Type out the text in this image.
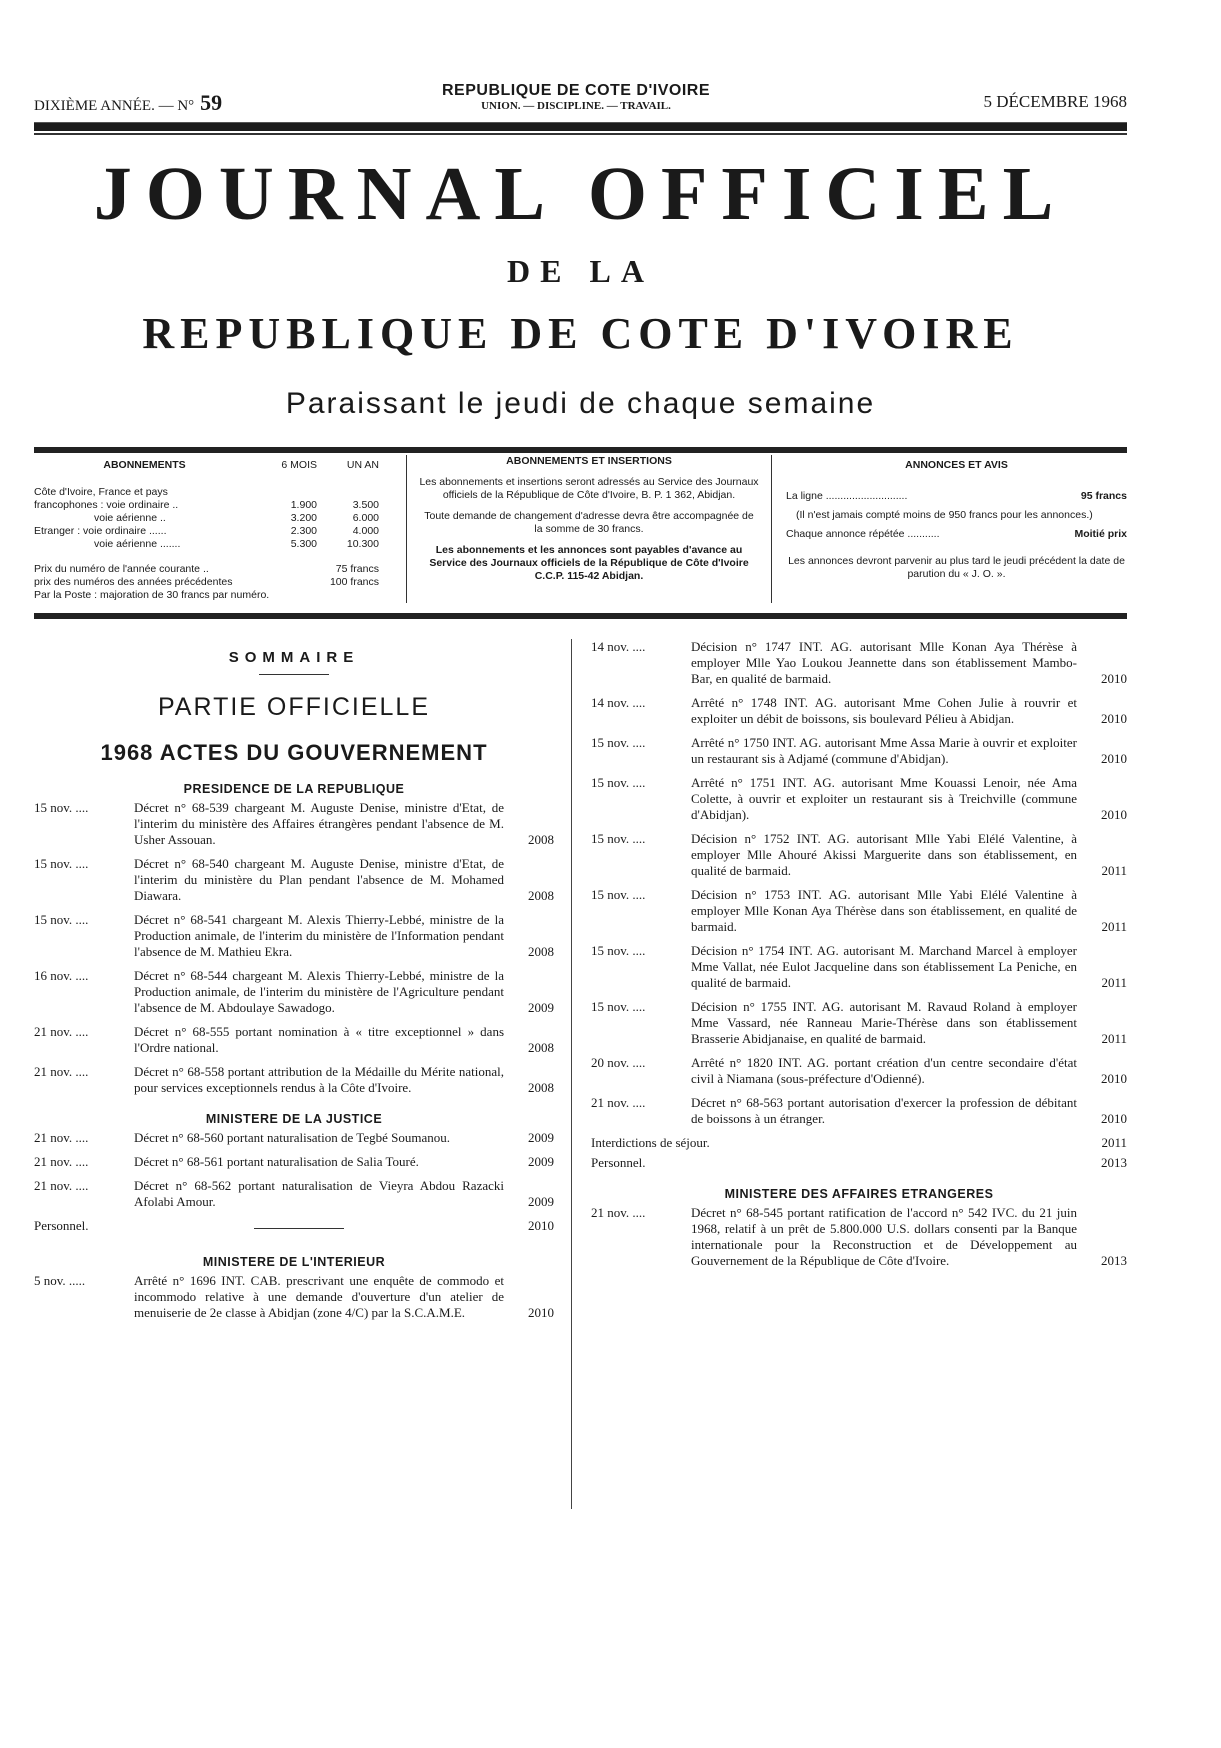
DIXIÈME ANNÉE. — N° 59	REPUBLIQUE DE COTE D'IVOIRE
UNION. — DISCIPLINE. — TRAVAIL.	5 DÉCEMBRE 1968
JOURNAL OFFICIEL
DE LA
REPUBLIQUE DE COTE D'IVOIRE
Paraissant le jeudi de chaque semaine
ABONNEMENTS	6 MOIS	UN AN

Côte d'Ivoire, France et pays		
francophones : voie ordinaire ..	1.900	3.500
voie aérienne ..	3.200	6.000
Etranger : voie ordinaire ......	2.300	4.000
voie aérienne .......	5.300	10.300
Prix du numéro de l'année courante ..	75 francs
prix des numéros des années précédentes	100 francs
Par la Poste : majoration de 30 francs par numéro.
ABONNEMENTS ET INSERTIONS

Les abonnements et insertions seront adressés au Service des Journaux officiels de la République de Côte d'Ivoire, B. P. 1 362, Abidjan.

Toute demande de changement d'adresse devra être accompagnée de la somme de 30 francs.

Les abonnements et les annonces sont payables d'avance au Service des Journaux officiels de la République de Côte d'Ivoire C.C.P. 115-42 Abidjan.

ANNONCES ET AVIS
La ligne ............................	95 francs
(Il n'est jamais compté moins de 950 francs pour les annonces.)
Chaque annonce répétée ...........	Moitié prix
Les annonces devront parvenir au plus tard le jeudi précédent la date de parution du « J. O. ».
SOMMAIRE
PARTIE OFFICIELLE
1968 ACTES DU GOUVERNEMENT
PRESIDENCE DE LA REPUBLIQUE
15 nov. ....	Décret n° 68-539 chargeant M. Auguste Denise, ministre d'Etat, de l'interim du ministère des Affaires étrangères pendant l'absence de M. Usher Assouan.	2008
15 nov. ....	Décret n° 68-540 chargeant M. Auguste Denise, ministre d'Etat, de l'interim du ministère du Plan pendant l'absence de M. Mohamed Diawara.	2008
15 nov. ....	Décret n° 68-541 chargeant M. Alexis Thierry-Lebbé, ministre de la Production animale, de l'interim du ministère de l'Information pendant l'absence de M. Mathieu Ekra.	2008
16 nov. ....	Décret n° 68-544 chargeant M. Alexis Thierry-Lebbé, ministre de la Production animale, de l'interim du ministère de l'Agriculture pendant l'absence de M. Abdoulaye Sawadogo.	2009
21 nov. ....	Décret n° 68-555 portant nomination à « titre exceptionnel » dans l'Ordre national.	2008
21 nov. ....	Décret n° 68-558 portant attribution de la Médaille du Mérite national, pour services exceptionnels rendus à la Côte d'Ivoire.	2008
MINISTERE DE LA JUSTICE
21 nov. ....	Décret n° 68-560 portant naturalisation de Tegbé Soumanou.	2009
21 nov. ....	Décret n° 68-561 portant naturalisation de Salia Touré.	2009
21 nov. ....	Décret n° 68-562 portant naturalisation de Vieyra Abdou Razacki Afolabi Amour.	2009
Personnel.	2010
MINISTERE DE L'INTERIEUR
5 nov. .....	Arrêté n° 1696 INT. CAB. prescrivant une enquête de commodo et incommodo relative à une demande d'ouverture d'un atelier de menuiserie de 2e classe à Abidjan (zone 4/C) par la S.C.A.M.E.	2010
14 nov. ....	Décision n° 1747 INT. AG. autorisant Mlle Konan Aya Thérèse à employer Mlle Yao Loukou Jeannette dans son établissement Mambo-Bar, en qualité de barmaid.	2010
14 nov. ....	Arrêté n° 1748 INT. AG. autorisant Mme Cohen Julie à rouvrir et exploiter un débit de boissons, sis boulevard Pélieu à Abidjan.	2010
15 nov. ....	Arrêté n° 1750 INT. AG. autorisant Mme Assa Marie à ouvrir et exploiter un restaurant sis à Adjamé (commune d'Abidjan).	2010
15 nov. ....	Arrêté n° 1751 INT. AG. autorisant Mme Kouassi Lenoir, née Ama Colette, à ouvrir et exploiter un restaurant sis à Treichville (commune d'Abidjan).	2010
15 nov. ....	Décision n° 1752 INT. AG. autorisant Mlle Yabi Elélé Valentine, à employer Mlle Ahouré Akissi Marguerite dans son établissement, en qualité de barmaid.	2011
15 nov. ....	Décision n° 1753 INT. AG. autorisant Mlle Yabi Elélé Valentine à employer Mlle Konan Aya Thérèse dans son établissement, en qualité de barmaid.	2011
15 nov. ....	Décision n° 1754 INT. AG. autorisant M. Marchand Marcel à employer Mme Vallat, née Eulot Jacqueline dans son établissement La Peniche, en qualité de barmaid.	2011
15 nov. ....	Décision n° 1755 INT. AG. autorisant M. Ravaud Roland à employer Mme Vassard, née Ranneau Marie-Thérèse dans son établissement Brasserie Abidjanaise, en qualité de barmaid.	2011
20 nov. ....	Arrêté n° 1820 INT. AG. portant création d'un centre secondaire d'état civil à Niamana (sous-préfecture d'Odienné).	2010
21 nov. ....	Décret n° 68-563 portant autorisation d'exercer la profession de débitant de boissons à un étranger.	2010
Interdictions de séjour.	2011
Personnel.	2013
MINISTERE DES AFFAIRES ETRANGERES
21 nov. ....	Décret n° 68-545 portant ratification de l'accord n° 542 IVC. du 21 juin 1968, relatif à un prêt de 5.800.000 U.S. dollars consenti par la Banque internationale pour la Reconstruction et de Développement au Gouvernement de la République de Côte d'Ivoire.	2013
